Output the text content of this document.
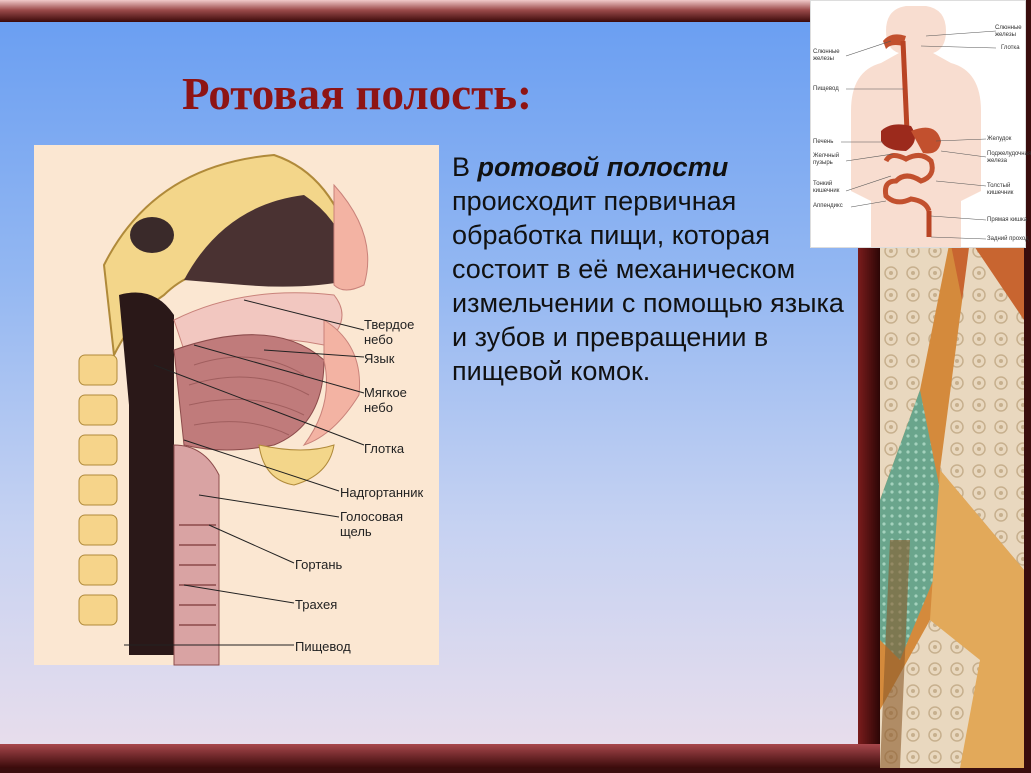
Ротовая полость:
Твердое небо
Язык
Мягкое небо
Глотка
Надгортанник
Голосовая щель
Гортань
Трахея
Пищевод

В ротовой полости происходит первичная обработка пищи, которая состоит в её механическом измельчении с помощью языка и зубов и превращении в пищевой комок.

Слюнные железы
Глотка
Слюнные железы
Пищевод
Печень
Желчный пузырь
Тонкий кишечник
Аппендикс
Желудок
Поджелудочная железа
Толстый кишечник
Прямая кишка
Задний проход
